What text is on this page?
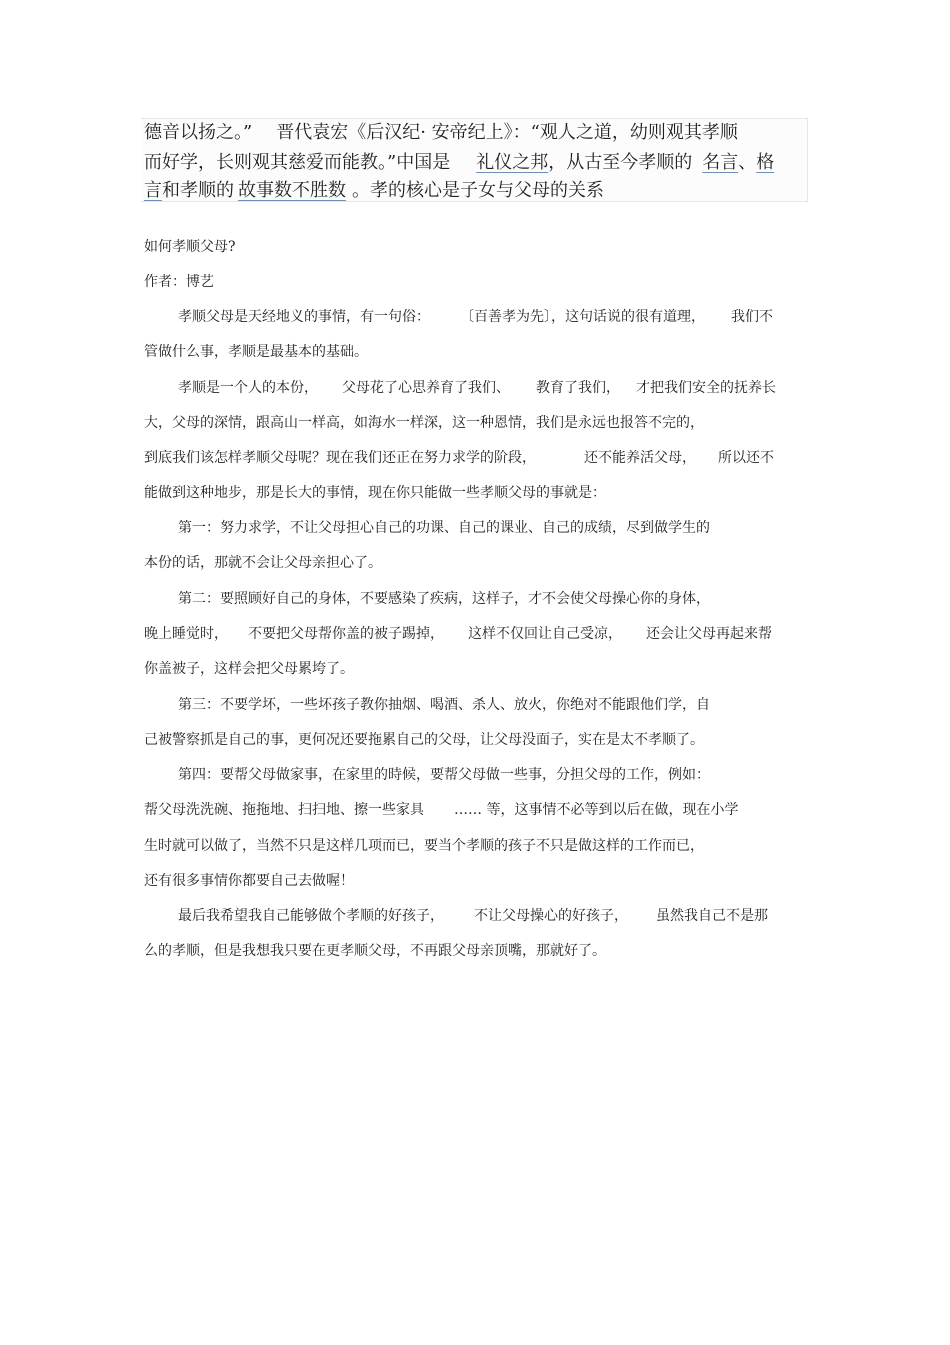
德音以扬之。” 晋代袁宏《后汉纪· 安帝纪上》：“观人之道，幼则观其孝顺
而好学，长则观其慈爱而能教。”中国是 礼仪之邦，从古至今孝顺的 名言、格
言和孝顺的 故事数不胜数 。孝的核心是子女与父母的关系
如何孝顺父母?
作者：博艺
孝顺父母是天经地义的事情，有一句俗： 〔百善孝为先〕，这句话说的很有道理， 我们不
管做什么事，孝顺是最基本的基础。
孝顺是一个人的本份， 父母花了心思养育了我们、 教育了我们， 才把我们安全的抚养长
大，父母的深情，跟高山一样高，如海水一样深，这一种恩情，我们是永远也报答不完的，
到底我们该怎样孝顺父母呢？现在我们还正在努力求学的阶段，	还不能养活父母， 所以还不
能做到这种地步，那是长大的事情，现在你只能做一些孝顺父母的事就是：
第一：努力求学，不让父母担心自己的功课、自己的课业、自己的成绩，尽到做学生的
本份的话，那就不会让父母亲担心了。
第二：要照顾好自己的身体，不要感染了疾病，这样子，才不会使父母操心你的身体，
晚上睡觉时， 不要把父母帮你盖的被子踢掉， 这样不仅回让自己受凉， 还会让父母再起来帮
你盖被子，这样会把父母累垮了。
第三：不要学坏，一些坏孩子教你抽烟、喝酒、杀人、放火，你绝对不能跟他们学，自
己被警察抓是自己的事，更何况还要拖累自己的父母，让父母没面子，实在是太不孝顺了。
第四：要帮父母做家事，在家里的時候，要帮父母做一些事，分担父母的工作，例如：
帮父母洗洗碗、拖拖地、扫扫地、擦一些家具 …… 等，这事情不必等到以后在做，现在小学
生时就可以做了，当然不只是这样几项而已，要当个孝顺的孩子不只是做这样的工作而已，
还有很多事情你都要自己去做喔！
最后我希望我自己能够做个孝顺的好孩子， 不让父母操心的好孩子， 虽然我自己不是那
么的孝顺，但是我想我只要在更孝顺父母，不再跟父母亲顶嘴，那就好了。
